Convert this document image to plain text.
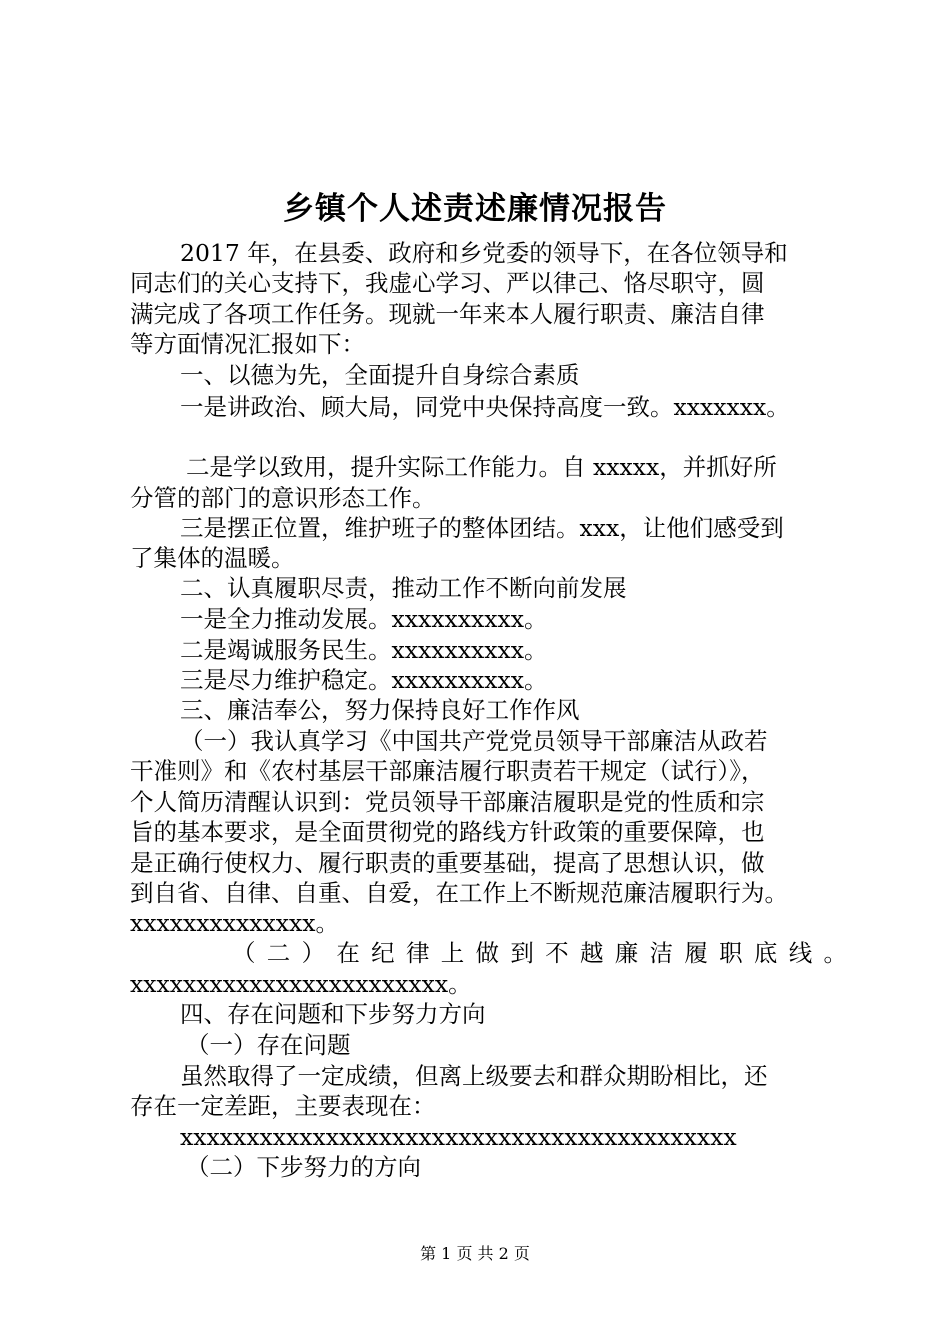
乡镇个人述责述廉情况报告
2017 年，在县委、政府和乡党委的领导下，在各位领导和
同志们的关心支持下，我虚心学习、严以律己、恪尽职守，圆
满完成了各项工作任务。现就一年来本人履行职责、廉洁自律
等方面情况汇报如下：
一、以德为先，全面提升自身综合素质
一是讲政治、顾大局，同党中央保持高度一致。xxxxxxx。
二是学以致用，提升实际工作能力。自 xxxxx，并抓好所
分管的部门的意识形态工作。
三是摆正位置，维护班子的整体团结。xxx，让他们感受到
了集体的温暖。
二、认真履职尽责，推动工作不断向前发展
一是全力推动发展。xxxxxxxxxx。
二是竭诚服务民生。xxxxxxxxxx。
三是尽力维护稳定。xxxxxxxxxx。
三、廉洁奉公，努力保持良好工作作风
（一）我认真学习《中国共产党党员领导干部廉洁从政若
干准则》和《农村基层干部廉洁履行职责若干规定（试行）》，
个人简历清醒认识到：党员领导干部廉洁履职是党的性质和宗
旨的基本要求，是全面贯彻党的路线方针政策的重要保障，也
是正确行使权力、履行职责的重要基础，提高了思想认识，做
到自省、自律、自重、自爱，在工作上不断规范廉洁履职行为。
xxxxxxxxxxxxxx。
（二）在纪律上做到不越廉洁履职底线。
xxxxxxxxxxxxxxxxxxxxxxxx。
四、存在问题和下步努力方向
（一）存在问题
虽然取得了一定成绩，但离上级要去和群众期盼相比，还
存在一定差距，主要表现在：
xxxxxxxxxxxxxxxxxxxxxxxxxxxxxxxxxxxxxxxxxx
（二）下步努力的方向
第 1 页 共 2 页
